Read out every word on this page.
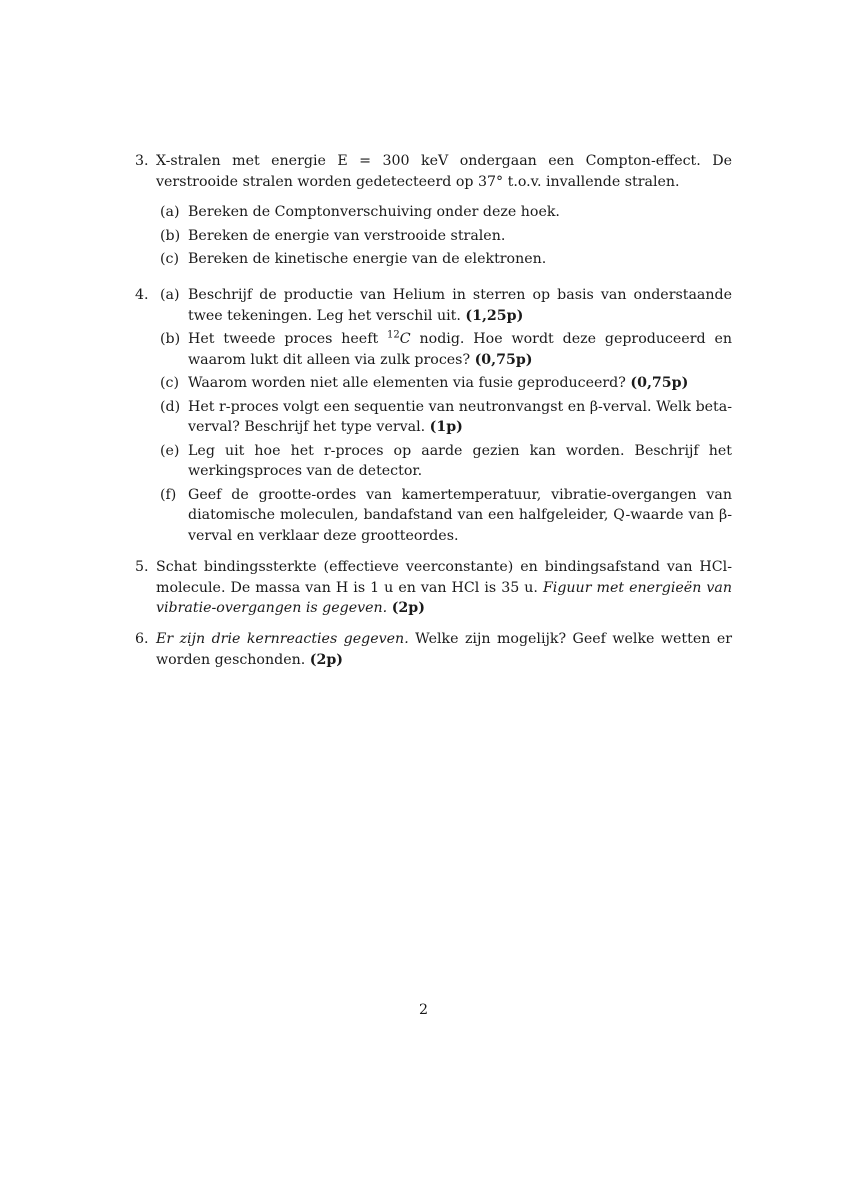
3. X-stralen met energie E = 300 keV ondergaan een Compton-effect. De verstrooide stralen worden gedetecteerd op 37° t.o.v. invallende stralen.
(a) Bereken de Comptonverschuiving onder deze hoek.
(b) Bereken de energie van verstrooide stralen.
(c) Bereken de kinetische energie van de elektronen.
4. (a) Beschrijf de productie van Helium in sterren op basis van onderstaande twee tekeningen. Leg het verschil uit. (1,25p)
(b) Het tweede proces heeft $^{12}$C nodig. Hoe wordt deze geproduceerd en waarom lukt dit alleen via zulk proces? (0,75p)
(c) Waarom worden niet alle elementen via fusie geproduceerd? (0,75p)
(d) Het r-proces volgt een sequentie van neutronvangst en β-verval. Welk beta-verval? Beschrijf het type verval. (1p)
(e) Leg uit hoe het r-proces op aarde gezien kan worden. Beschrijf het werkingsproces van de detector.
(f) Geef de grootte-ordes van kamertemperatuur, vibratie-overgangen van diatomische moleculen, bandafstand van een halfgeleider, Q-waarde van β-verval en verklaar deze grootteordes.
5. Schat bindingssterkte (effectieve veerconstante) en bindingsafstand van HCl-molecule. De massa van H is 1 u en van HCl is 35 u. Figuur met energieën van vibratie-overgangen is gegeven. (2p)
6. Er zijn drie kernreacties gegeven. Welke zijn mogelijk? Geef welke wetten er worden geschonden. (2p)
2
